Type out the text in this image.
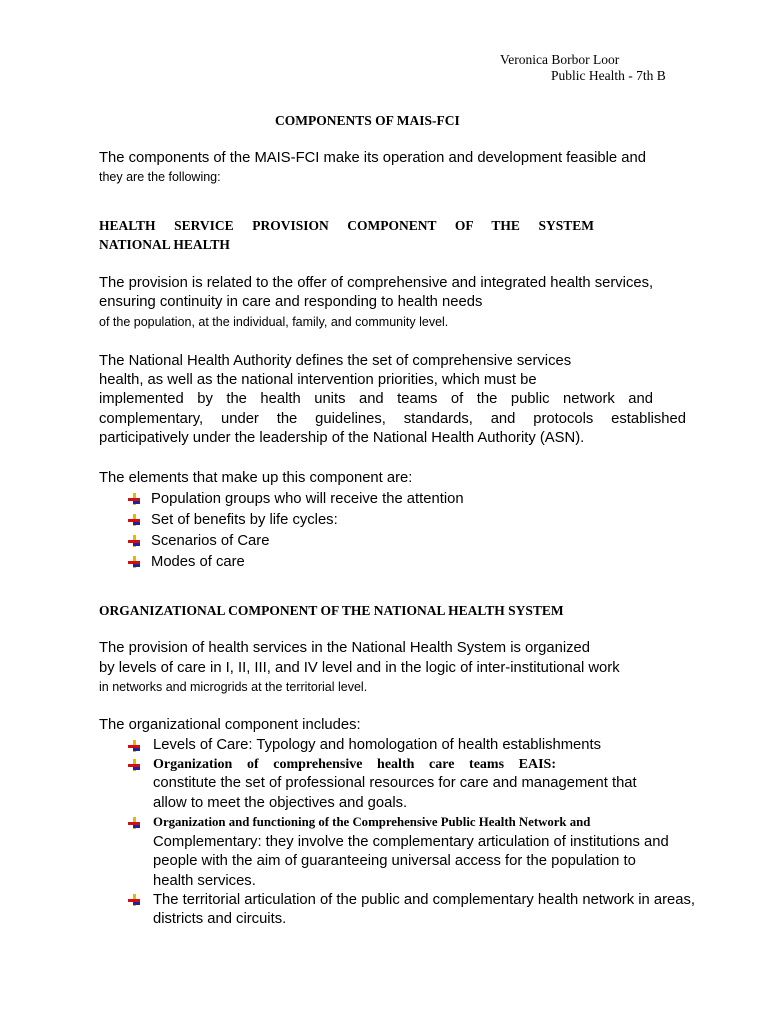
Veronica Borbor Loor
Public Health - 7th B
COMPONENTS OF MAIS-FCI
The components of the MAIS-FCI make its operation and development feasible and
they are the following:
HEALTH SERVICE PROVISION COMPONENT OF THE SYSTEM
NATIONAL HEALTH
The provision is related to the offer of comprehensive and integrated health services,
ensuring continuity in care and responding to health needs
of the population, at the individual, family, and community level.
The National Health Authority defines the set of comprehensive services
health, as well as the national intervention priorities, which must be
implemented by the health units and teams of the public network and
complementary, under the guidelines, standards, and protocols established
participatively under the leadership of the National Health Authority (ASN).
The elements that make up this component are:
Population groups who will receive the attention
Set of benefits by life cycles:
Scenarios of Care
Modes of care
ORGANIZATIONAL COMPONENT OF THE NATIONAL HEALTH SYSTEM
The provision of health services in the National Health System is organized
by levels of care in I, II, III, and IV level and in the logic of inter-institutional work
in networks and microgrids at the territorial level.
The organizational component includes:
Levels of Care: Typology and homologation of health establishments
Organization of comprehensive health care teams EAIS:
constitute the set of professional resources for care and management that
allow to meet the objectives and goals.
Organization and functioning of the Comprehensive Public Health Network and
Complementary: they involve the complementary articulation of institutions and
people with the aim of guaranteeing universal access for the population to
health services.
The territorial articulation of the public and complementary health network in areas,
districts and circuits.
